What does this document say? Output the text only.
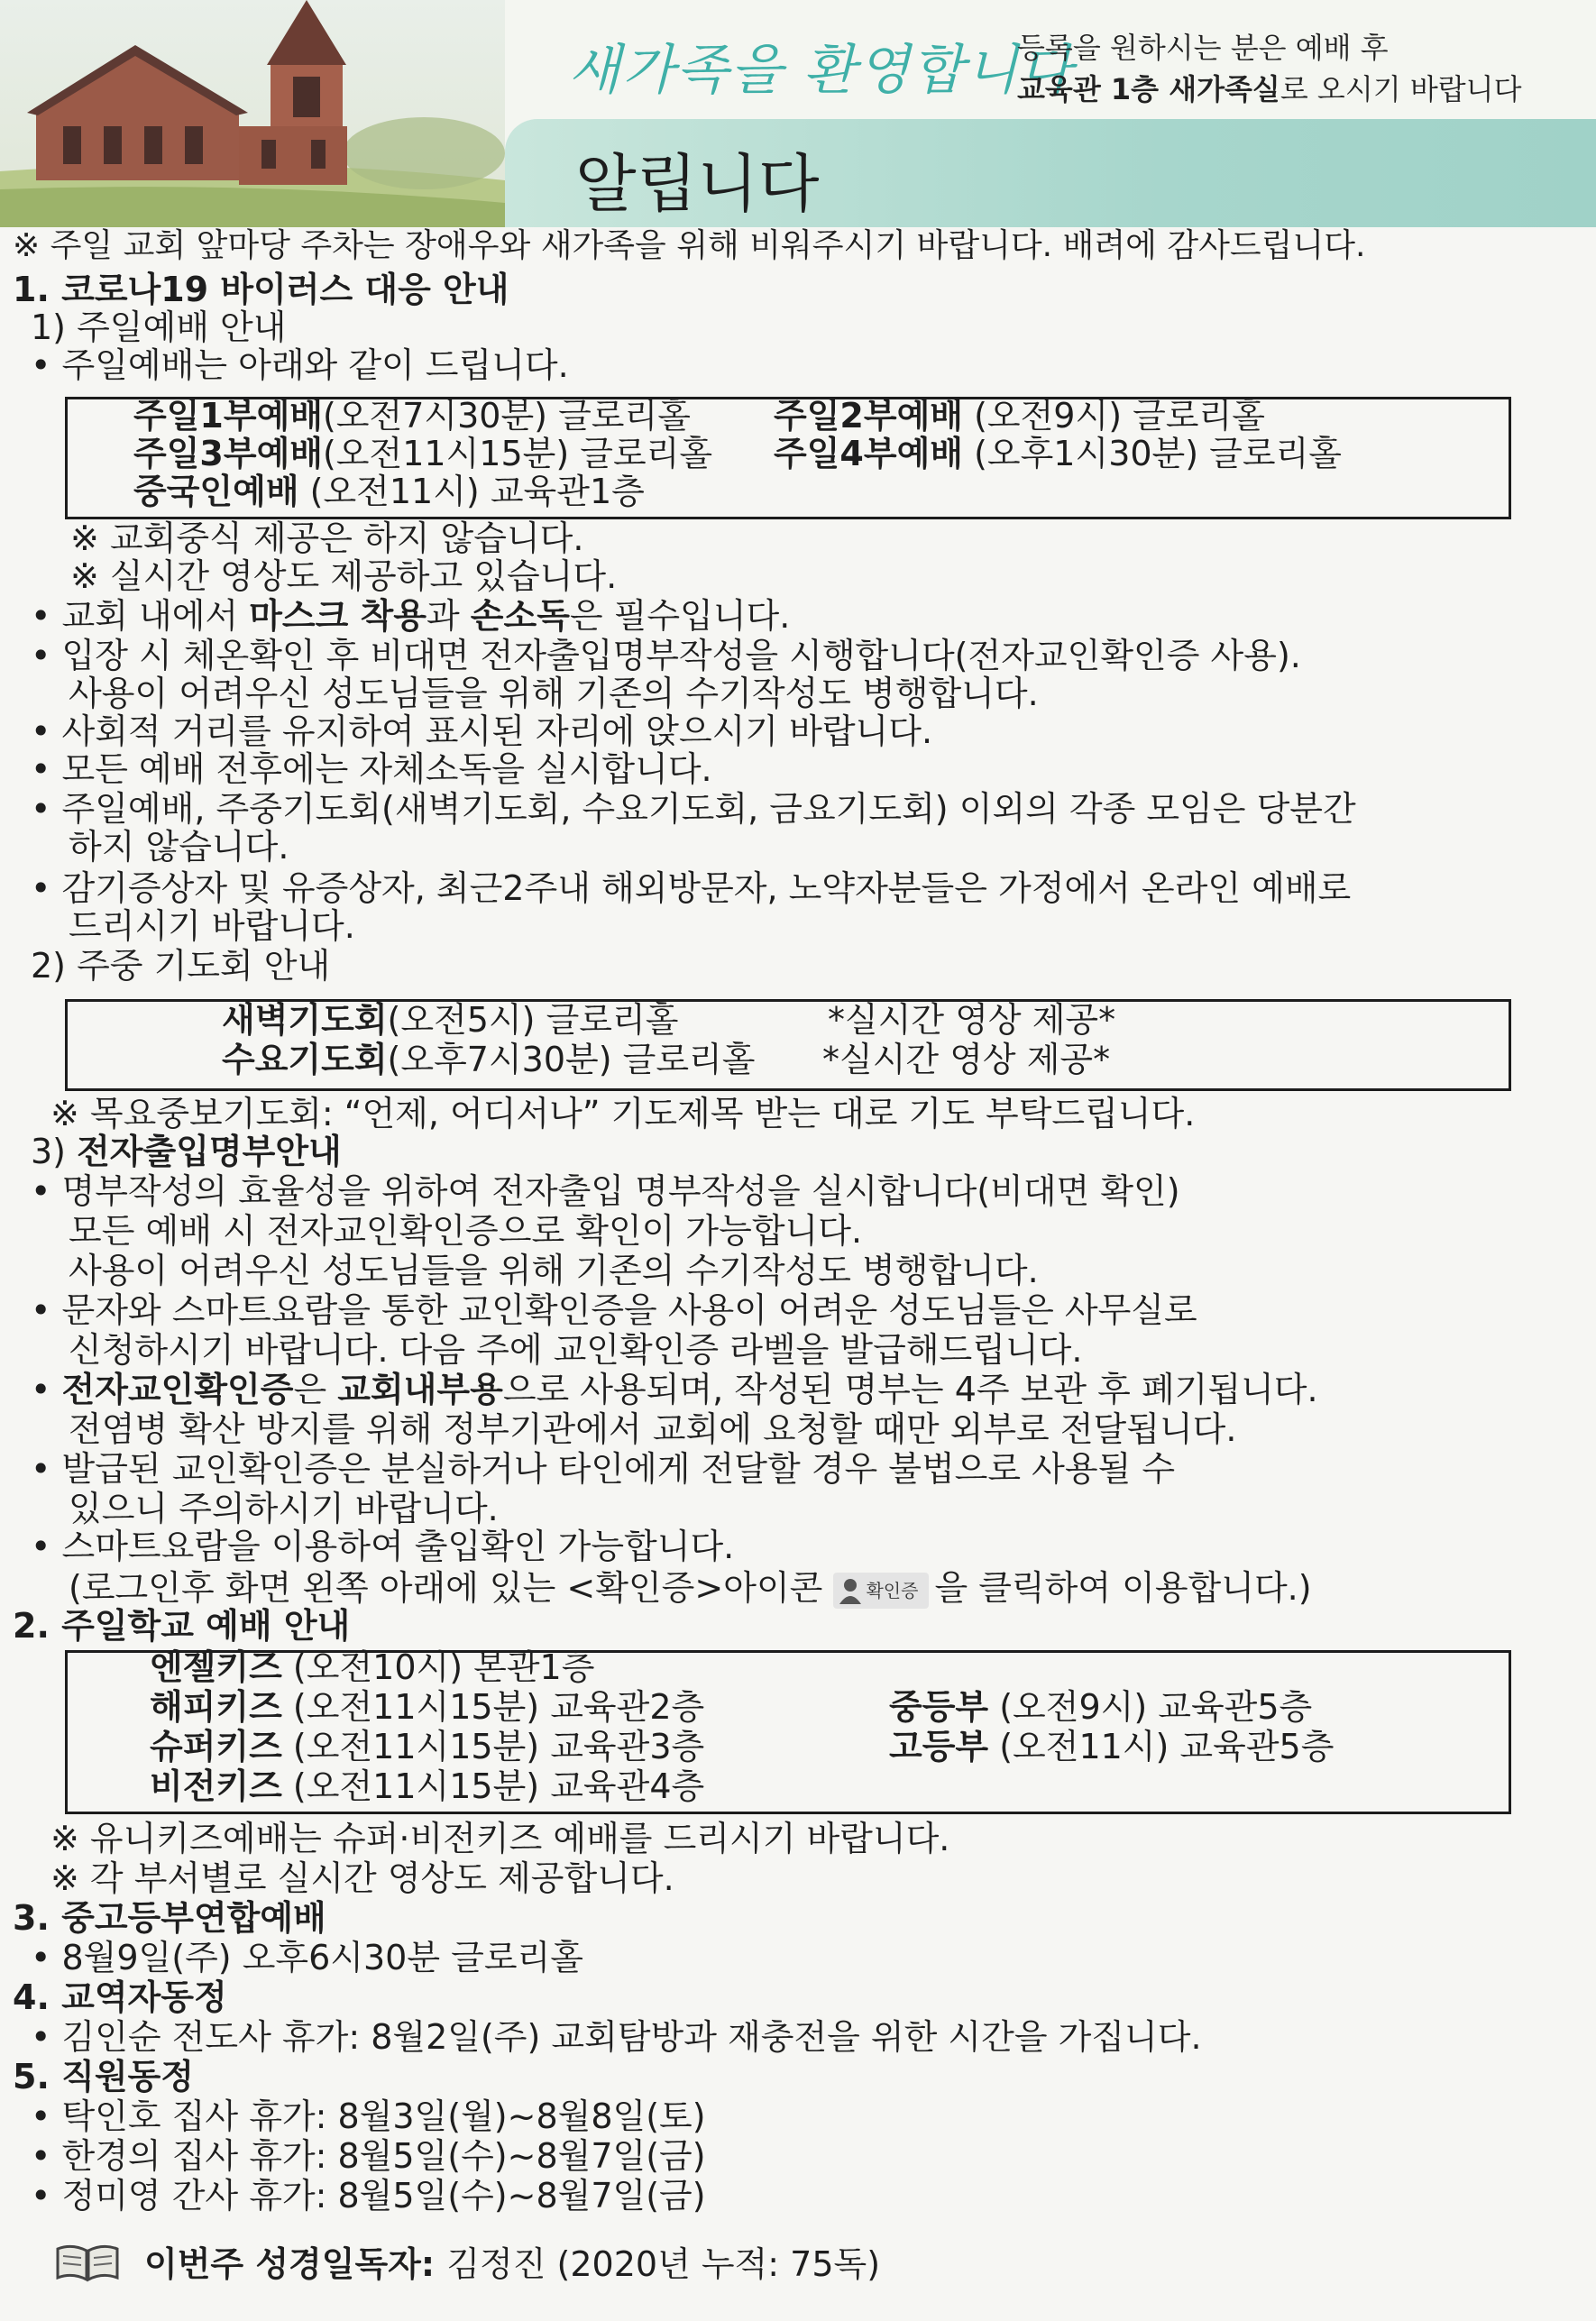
새가족을 환영합니다
등록을 원하시는 분은 예배 후
교육관 1층 새가족실로 오시기 바랍니다
알립니다
※ 주일 교회 앞마당 주차는 장애우와 새가족을 위해 비워주시기 바랍니다. 배려에 감사드립니다.
1. 코로나19 바이러스 대응 안내
1) 주일예배 안내
• 주일예배는 아래와 같이 드립니다.
주일1부예배(오전7시30분) 글로리홀 주일2부예배 (오전9시) 글로리홀
주일3부예배(오전11시15분) 글로리홀 주일4부예배 (오후1시30분) 글로리홀
중국인예배 (오전11시) 교육관1층
※ 교회중식 제공은 하지 않습니다.
※ 실시간 영상도 제공하고 있습니다.
• 교회 내에서 마스크 착용과 손소독은 필수입니다.
• 입장 시 체온확인 후 비대면 전자출입명부작성을 시행합니다(전자교인확인증 사용).
사용이 어려우신 성도님들을 위해 기존의 수기작성도 병행합니다.
• 사회적 거리를 유지하여 표시된 자리에 앉으시기 바랍니다.
• 모든 예배 전후에는 자체소독을 실시합니다.
• 주일예배, 주중기도회(새벽기도회, 수요기도회, 금요기도회) 이외의 각종 모임은 당분간
하지 않습니다.
• 감기증상자 및 유증상자, 최근2주내 해외방문자, 노약자분들은 가정에서 온라인 예배로
드리시기 바랍니다.
2) 주중 기도회 안내
새벽기도회(오전5시) 글로리홀	*실시간 영상 제공*
수요기도회(오후7시30분) 글로리홀 *실시간 영상 제공*
※ 목요중보기도회: “언제, 어디서나” 기도제목 받는 대로 기도 부탁드립니다.
3) 전자출입명부안내
• 명부작성의 효율성을 위하여 전자출입 명부작성을 실시합니다(비대면 확인)
모든 예배 시 전자교인확인증으로 확인이 가능합니다.
사용이 어려우신 성도님들을 위해 기존의 수기작성도 병행합니다.
• 문자와 스마트요람을 통한 교인확인증을 사용이 어려운 성도님들은 사무실로
신청하시기 바랍니다. 다음 주에 교인확인증 라벨을 발급해드립니다.
• 전자교인확인증은 교회내부용으로 사용되며, 작성된 명부는 4주 보관 후 폐기됩니다.
전염병 확산 방지를 위해 정부기관에서 교회에 요청할 때만 외부로 전달됩니다.
• 발급된 교인확인증은 분실하거나 타인에게 전달할 경우 불법으로 사용될 수
있으니 주의하시기 바랍니다.
• 스마트요람을 이용하여 출입확인 가능합니다.
(로그인후 화면 왼쪽 아래에 있는 <확인증>아이콘 확인증 을 클릭하여 이용합니다.)
2. 주일학교 예배 안내
엔젤키즈 (오전10시) 본관1층
해피키즈 (오전11시15분) 교육관2층
슈퍼키즈 (오전11시15분) 교육관3층
비전키즈 (오전11시15분) 교육관4층
중등부 (오전9시) 교육관5층
고등부 (오전11시) 교육관5층
※ 유니키즈예배는 슈퍼·비전키즈 예배를 드리시기 바랍니다.
※ 각 부서별로 실시간 영상도 제공합니다.
3. 중고등부연합예배
• 8월9일(주) 오후6시30분 글로리홀
4. 교역자동정
• 김인순 전도사 휴가: 8월2일(주) 교회탐방과 재충전을 위한 시간을 가집니다.
5. 직원동정
• 탁인호 집사 휴가: 8월3일(월)~8월8일(토)
• 한경의 집사 휴가: 8월5일(수)~8월7일(금)
• 정미영 간사 휴가: 8월5일(수)~8월7일(금)
이번주 성경일독자: 김정진 (2020년 누적: 75독)
